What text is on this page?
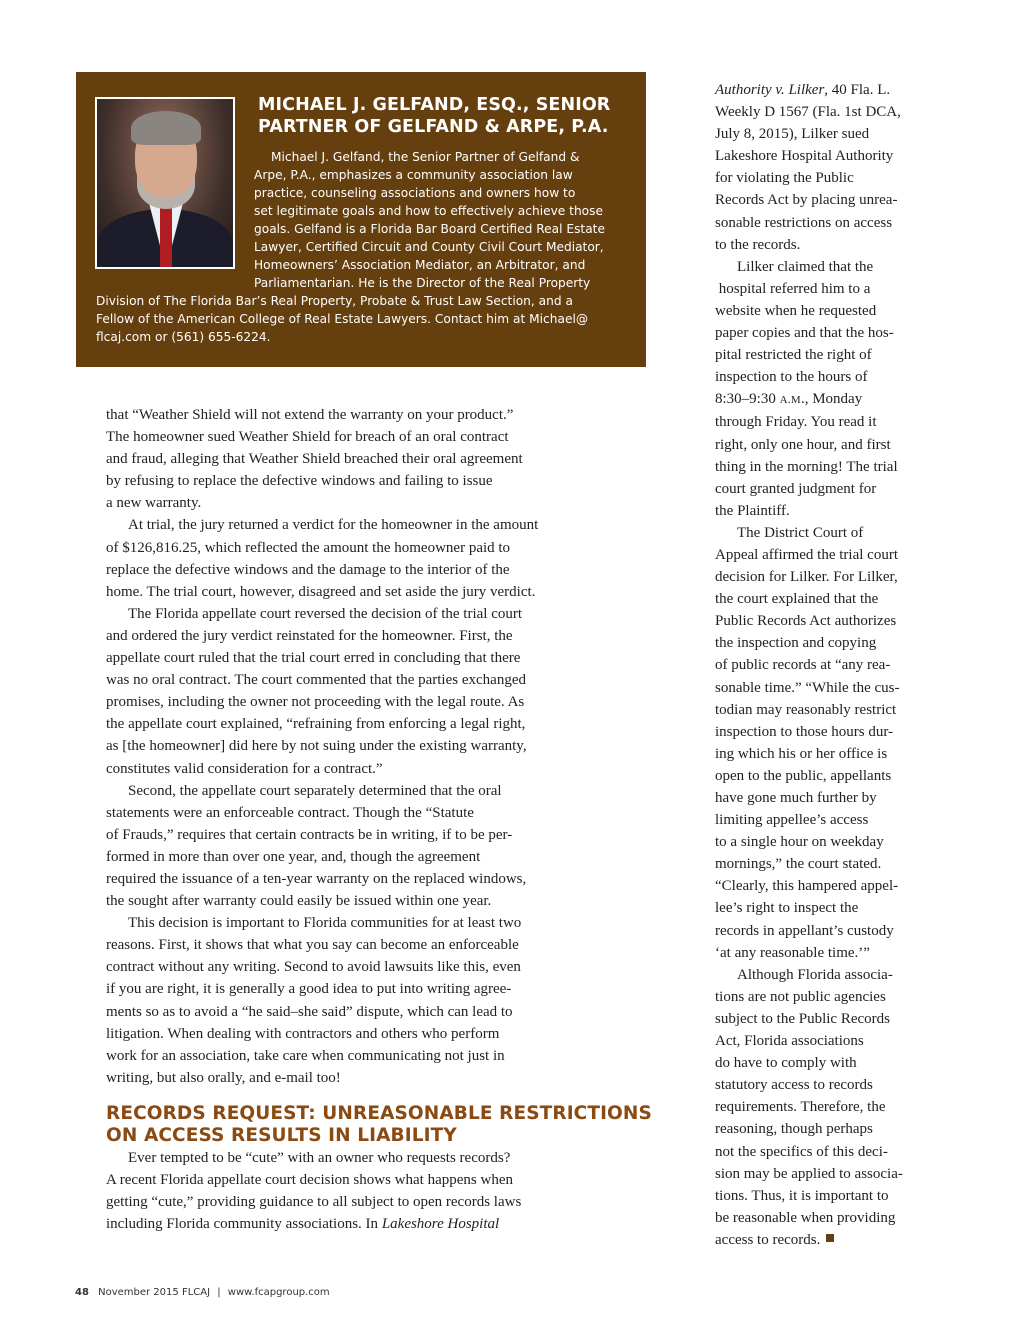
MICHAEL J. GELFAND, ESQ., SENIOR
PARTNER OF GELFAND & ARPE, P.A.
Michael J. Gelfand, the Senior Partner of Gelfand &
Arpe, P.A., emphasizes a community association law
practice, counseling associations and owners how to
set legitimate goals and how to effectively achieve those
goals. Gelfand is a Florida Bar Board Certified Real Estate
Lawyer, Certified Circuit and County Civil Court Mediator,
Homeowners’ Association Mediator, an Arbitrator, and
Parliamentarian. He is the Director of the Real Property
Division of The Florida Bar’s Real Property, Probate & Trust Law Section, and a
Fellow of the American College of Real Estate Lawyers. Contact him at Michael@
flcaj.com or (561) 655-6224.
that “Weather Shield will not extend the warranty on your product.”
The homeowner sued Weather Shield for breach of an oral contract
and fraud, alleging that Weather Shield breached their oral agreement
by refusing to replace the defective windows and failing to issue
a new warranty.
At trial, the jury returned a verdict for the homeowner in the amount
of $126,816.25, which reflected the amount the homeowner paid to
replace the defective windows and the damage to the interior of the
home. The trial court, however, disagreed and set aside the jury verdict.
The Florida appellate court reversed the decision of the trial court
and ordered the jury verdict reinstated for the homeowner. First, the
appellate court ruled that the trial court erred in concluding that there
was no oral contract. The court commented that the parties exchanged
promises, including the owner not proceeding with the legal route. As
the appellate court explained, “refraining from enforcing a legal right,
as [the homeowner] did here by not suing under the existing warranty,
constitutes valid consideration for a contract.”
Second, the appellate court separately determined that the oral
statements were an enforceable contract. Though the “Statute
of Frauds,” requires that certain contracts be in writing, if to be per-
formed in more than over one year, and, though the agreement
required the issuance of a ten-year warranty on the replaced windows,
the sought after warranty could easily be issued within one year.
This decision is important to Florida communities for at least two
reasons. First, it shows that what you say can become an enforceable
contract without any writing. Second to avoid lawsuits like this, even
if you are right, it is generally a good idea to put into writing agree-
ments so as to avoid a “he said–she said” dispute, which can lead to
litigation. When dealing with contractors and others who perform
work for an association, take care when communicating not just in
writing, but also orally, and e-mail too!
RECORDS REQUEST: UNREASONABLE RESTRICTIONS
ON ACCESS RESULTS IN LIABILITY
Ever tempted to be “cute” with an owner who requests records?
A recent Florida appellate court decision shows what happens when
getting “cute,” providing guidance to all subject to open records laws
including Florida community associations. In Lakeshore Hospital
Authority v. Lilker, 40 Fla. L.
Weekly D 1567 (Fla. 1st DCA,
July 8, 2015), Lilker sued
Lakeshore Hospital Authority
for violating the Public
Records Act by placing unrea-
sonable restrictions on access
to the records.
Lilker claimed that the
hospital referred him to a
website when he requested
paper copies and that the hos-
pital restricted the right of
inspection to the hours of
8:30–9:30 A.M., Monday
through Friday. You read it
right, only one hour, and first
thing in the morning! The trial
court granted judgment for
the Plaintiff.
The District Court of
Appeal affirmed the trial court
decision for Lilker. For Lilker,
the court explained that the
Public Records Act authorizes
the inspection and copying
of public records at “any rea-
sonable time.” “While the cus-
todian may reasonably restrict
inspection to those hours dur-
ing which his or her office is
open to the public, appellants
have gone much further by
limiting appellee’s access
to a single hour on weekday
mornings,” the court stated.
“Clearly, this hampered appel-
lee’s right to inspect the
records in appellant’s custody
‘at any reasonable time.’”
Although Florida associa-
tions are not public agencies
subject to the Public Records
Act, Florida associations
do have to comply with
statutory access to records
requirements. Therefore, the
reasoning, though perhaps
not the specifics of this deci-
sion may be applied to associa-
tions. Thus, it is important to
be reasonable when providing
access to records.
48 November 2015 FLCAJ | www.fcapgroup.com
